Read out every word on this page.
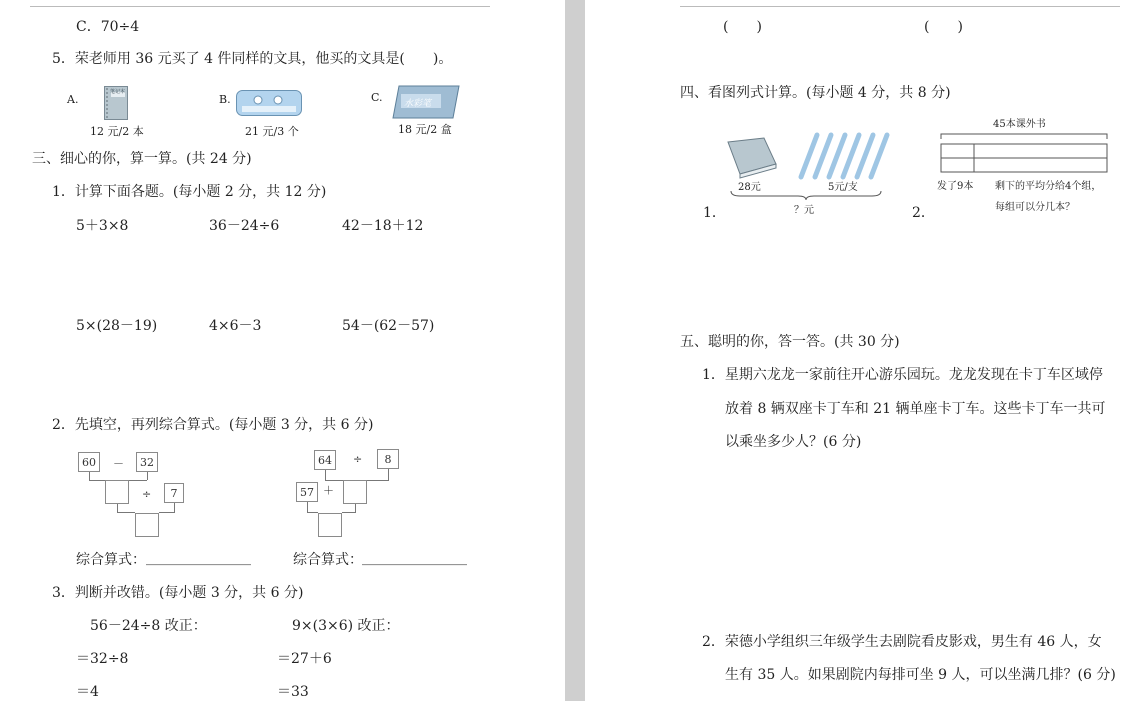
C．70÷4
5．荣老师用 36 元买了 4 件同样的文具，他买的文具是(　　)。
A.
笔记本
12 元/2 本
B.
21 元/3 个
C. 水彩笔
18 元/2 盒
三、细心的你，算一算。(共 24 分)
1．计算下面各题。(每小题 2 分，共 12 分)
5＋3×8	36－24÷6	42－18＋12
5×(28－19)	4×6－3	54－(62－57)
2．先填空，再列综合算式。(每小题 3 分，共 6 分)
60	－	32
÷	7
64	÷	8
57 ＋
综合算式： _______________	综合算式： _______________
3．判断并改错。(每小题 3 分，共 6 分)
56－24÷8 改正：
＝32÷8
＝4
9×(3×6) 改正：
＝27＋6
＝33
(　　)	(　　)
四、看图列式计算。(每小题 4 分，共 8 分)
28元	5元/支
？元
1．
45本课外书
发了9本 剩下的平均分给4个组，
每组可以分几本？
2．
五、聪明的你，答一答。(共 30 分)
1．星期六龙龙一家前往开心游乐园玩。龙龙发现在卡丁车区域停
放着 8 辆双座卡丁车和 21 辆单座卡丁车。这些卡丁车一共可
以乘坐多少人？(6 分)
2．荣德小学组织三年级学生去剧院看皮影戏，男生有 46 人，女
生有 35 人。如果剧院内每排可坐 9 人，可以坐满几排？(6 分)
